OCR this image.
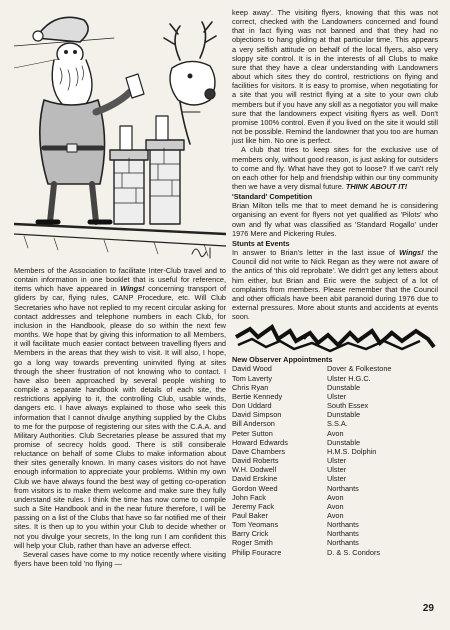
Members of the Association to facilitate Inter-Club travel and to contain information in one booklet that is useful for reference, items which have appeared in Wings! concerning transport of gliders by car, flying rules, CANP Procedure, etc. Will Club Secretaries who have not replied to my recent circular asking for contact addresses and telephone numbers in each Club, for inclusion in the Handbook, please do so within the next few months. We hope that by giving this information to all Members, it will facilitate much easier contact between travelling flyers and Members in the areas that they wish to visit. It will also, I hope, go a long way towards preventing uninvited flying at sites through the sheer frustration of not knowing who to contact. I have also been approached by several people wishing to compile a separate handbook with details of each site, the restrictions applying to it, the controlling Club, usable winds, dangers etc. I have always explained to those who seek this information that I cannot divulge anything supplied by the Clubs to me for the purpose of registering our sites with the C.A.A. and Military Authorities. Club Secretaries please be assured that my promise of secrecy holds good. There is still consiberale reluctance on behalf of some Clubs to make information about their sites generally known. In many cases visitors do not have enough information to appreciate your problems. Within my own Club we have always found the best way of getting co-operation from visitors is to make them welcome and make sure they fully understand site rules. I think the time has now come to compile such a Site Handbook and in the near future therefore, I will be passing on a list of the Clubs that have so far notified me of their sites. It is then up to you within your Club to decide whether or not you divulge your secrets, In the long run I am confident this will help your Club, rather than have an adverse effect.

Several cases have come to my notice recently where visiting flyers have been told 'no flying —

keep away'. The visiting flyers, knowing that this was not correct, checked with the Landowners concerned and found that in fact flying was not banned and that they had no objections to hang gliding at that particular time. This appears a very selfish attitude on behalf of the local flyers, also very sloppy site control. It is in the interests of all Clubs to make sure that they have a clear understanding with Landowners about which sites they do control, restrictions on flying and facilities for visitors. It is easy to promise, when negotiating for a site that you will restrict flying at a site to your own club members but if you have any skill as a negotiator you will make sure that the landowners expect visiting flyers as well. Don't promise 100% control. Even if you lived on the site it would still not be possible. Remind the landowner that you too are human just like him. No one is perfect.

A club that tries to keep sites for the exclusive use of members only, without good reason, is just asking for outsiders to come and fly. What have they got to loose? If we can't rely on each other for help and friendship within our tiny community then we have a very dismal future. THINK ABOUT IT!

'Standard' Competition

Brian Milton tells me that to meet demand he is considering organising an event for flyers not yet qualified as 'Pilots' who own and fly what was classified as 'Standard Rogallo' under 1976 Mere and Pickering Rules.

Stunts at Events

In answer to Brian's letter in the last issue of Wings! the Council did not write to Nick Regan as they were not aware of the antics of 'this old reprobate'. We didn't get any letters about him either, but Brian and Eric were the subject of a lot of complaints from members. Please remember that the Council and other officials have been abit paranoid during 1976 due to external pressures. More about stunts and accidents at events soon.

New Observer Appointments
David Wood	Dover & Folkestone
Tom Laverty	Ulster H.G.C.
Chris Ryan	Dunstable
Bertie Kennedy	Ulster
Don Uddard	South Essex
David Simpson	Dunstable
Bill Anderson	S.S.A.
Peter Sutton	Avon
Howard Edwards	Dunstable
Dave Chambers	H.M.S. Dolphin
David Roberts	Ulster
W.H. Dodwell	Ulster
David Erskine	Ulster
Gordon Weed	Northants
John Fack	Avon
Jeremy Fack	Avon
Paul Baker	Avon
Tom Yeomans	Northants
Barry Crick	Northants
Roger Smith	Northants
Philip Fouracre	D. & S. Condors
29
